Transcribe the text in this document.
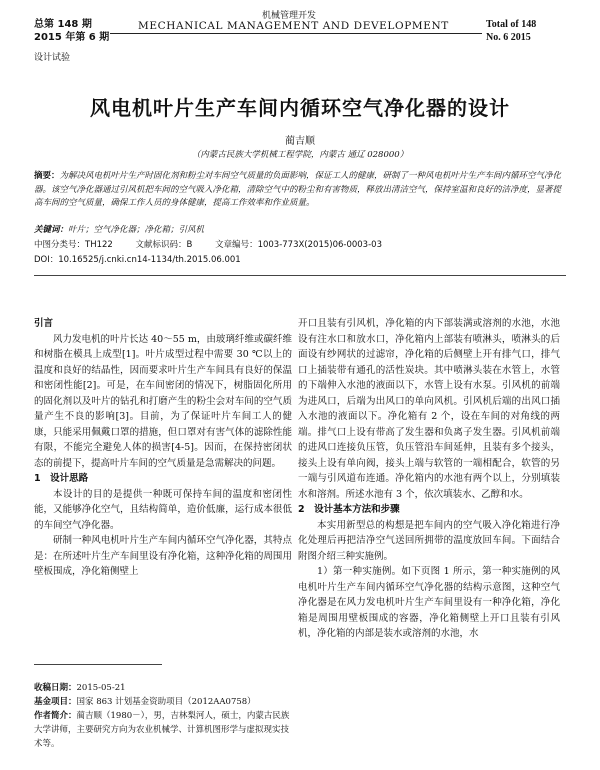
总第 148 期
2015 年第 6 期
机械管理开发
MECHANICAL MANAGEMENT AND DEVELOPMENT	Total of 148
No. 6 2015
设计试验
风电机叶片生产车间内循环空气净化器的设计
蔺吉顺
（内蒙古民族大学机械工程学院，内蒙古 通辽 028000）
摘要：为解决风电机叶片生产时固化剂和粉尘对车间空气质量的负面影响，保证工人的健康，研制了一种风电机叶片生产车间内循环空气净化器。该空气净化器通过引风机把车间的空气吸入净化箱，清除空气中的粉尘和有害物质，释放出清洁空气，保持室温和良好的洁净度，显著提高车间的空气质量，确保工作人员的身体健康，提高工作效率和作业质量。
关键词：叶片；空气净化器；净化箱；引风机
中图分类号：TH122	文献标识码：B	文章编号：1003-773X(2015)06-0003-03
DOI：10.16525/j.cnki.cn14-1134/th.2015.06.001
引言

风力发电机的叶片长达 40～55 m，由玻璃纤维或碳纤维和树脂在模具上成型[1]。叶片成型过程中需要 30 ℃以上的温度和良好的结晶性，因而要求叶片生产车间具有良好的保温和密闭性能[2]。可是，在车间密闭的情况下，树脂固化所用的固化剂以及叶片的钻孔和打磨产生的粉尘会对车间的空气质量产生不良的影响[3]。目前，为了保证叶片车间工人的健康，只能采用佩戴口罩的措施，但口罩对有害气体的滤除性能有限，不能完全避免人体的损害[4-5]。因而，在保持密闭状态的前提下，提高叶片车间的空气质量是急需解决的问题。

1　设计思路

本设计的目的是提供一种既可保持车间的温度和密闭性能，又能够净化空气，且结构简单，造价低廉，运行成本很低的车间空气净化器。

研制一种风电机叶片生产车间内循环空气净化器，其特点是：在所述叶片生产车间里设有净化箱，这种净化箱的周围用壁板围成，净化箱侧壁上

开口且装有引风机，净化箱的内下部装满或溶剂的水池，水池设有注水口和放水口，净化箱内上部装有喷淋头，喷淋头的后面设有纱网状的过滤帘，净化箱的后侧壁上开有排气口，排气口上插装带有通孔的活性炭块。其中喷淋头装在水管上，水管的下端伸入水池的液面以下，水管上设有水泵。引风机的前端为进风口，后端为出风口的单向风机。引风机后端的出风口插入水池的液面以下。净化箱有 2 个，设在车间的对角线的两端。排气口上设有带高了发生器和负离子发生器。引风机前端的进风口连接负压管，负压管沿车间延伸，且装有多个接头，接头上设有单向阀，接头上端与软管的一端相配合，软管的另一端与引风道布连通。净化箱内的水池有两个以上，分别填装水和溶剂。所述水池有 3 个，依次填装水、乙醇和水。

2　设计基本方法和步骤

本实用新型总的构想是把车间内的空气吸入净化箱进行净化处理后再把洁净空气送回所拥带的温度放回车间。下面结合附图介绍三种实施例。

1）第一种实施例。如下页图 1 所示，第一种实施例的风电机叶片生产车间内循环空气净化器的结构示意图，这种空气净化器是在风力发电机叶片生产车间里设有一种净化箱，净化箱是周围用壁板围成的容器，净化箱侧壁上开口且装有引风机，净化箱的内部是装水或溶剂的水池，水

收稿日期：2015-05-21
基金项目：国家 863 计划基金资助项目（2012AA0758）
作者简介：蔺吉顺（1980－），男，吉林梨河人，硕士，内蒙古民族大学讲师，主要研究方向为农业机械学、计算机图形学与虚拟现实技术等。
